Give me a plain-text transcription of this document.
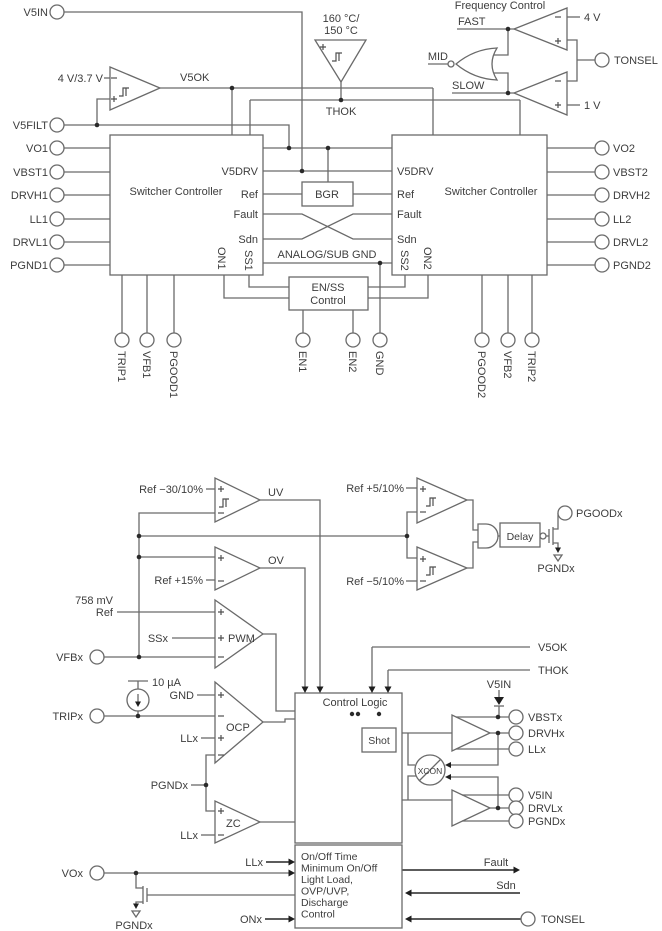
V5IN
V5FILT
VO1
VBST1
DRVH1
LL1
DRVL1
PGND1
VO2
VBST2
DRVH2
LL2
DRVL2
PGND2
TRIP1 VFB1 PGOOD1	EN1	EN2 GND	PGOOD2 VFB2 TRIP2
4 V/3.7 V	V5OK
160 °C/
150 °C
THOK
Frequency Control
FAST
MID
SLOW
4 V
1 V
TONSEL
Switcher Controller
V5DRV
Ref
Fault
Sdn
ON1 SS1
Switcher Controller
V5DRV
Ref
Fault
Sdn
SS2 ON2
BGR
ANALOG/SUB GND
EN/SS
Control
Ref −30/10%	UV
Ref +15%
OV
758 mV
Ref
SSx	PWM
VFBx
10 µA
TRIPx
GND
LLx
OCP
PGNDx
LLx
ZC
Ref +5/10%
Ref −5/10%
Delay
PGOODx
PGNDx
V5OK
THOK
Control Logic
Shot
XCON
V5IN
VBSTx
DRVHx
LLx
V5IN
DRVLx
PGNDx
On/Off Time
Minimum On/Off
Light Load,
OVP/UVP,
Discharge
Control
LLx
ONx
Fault
Sdn
TONSEL
VOx
PGNDx
